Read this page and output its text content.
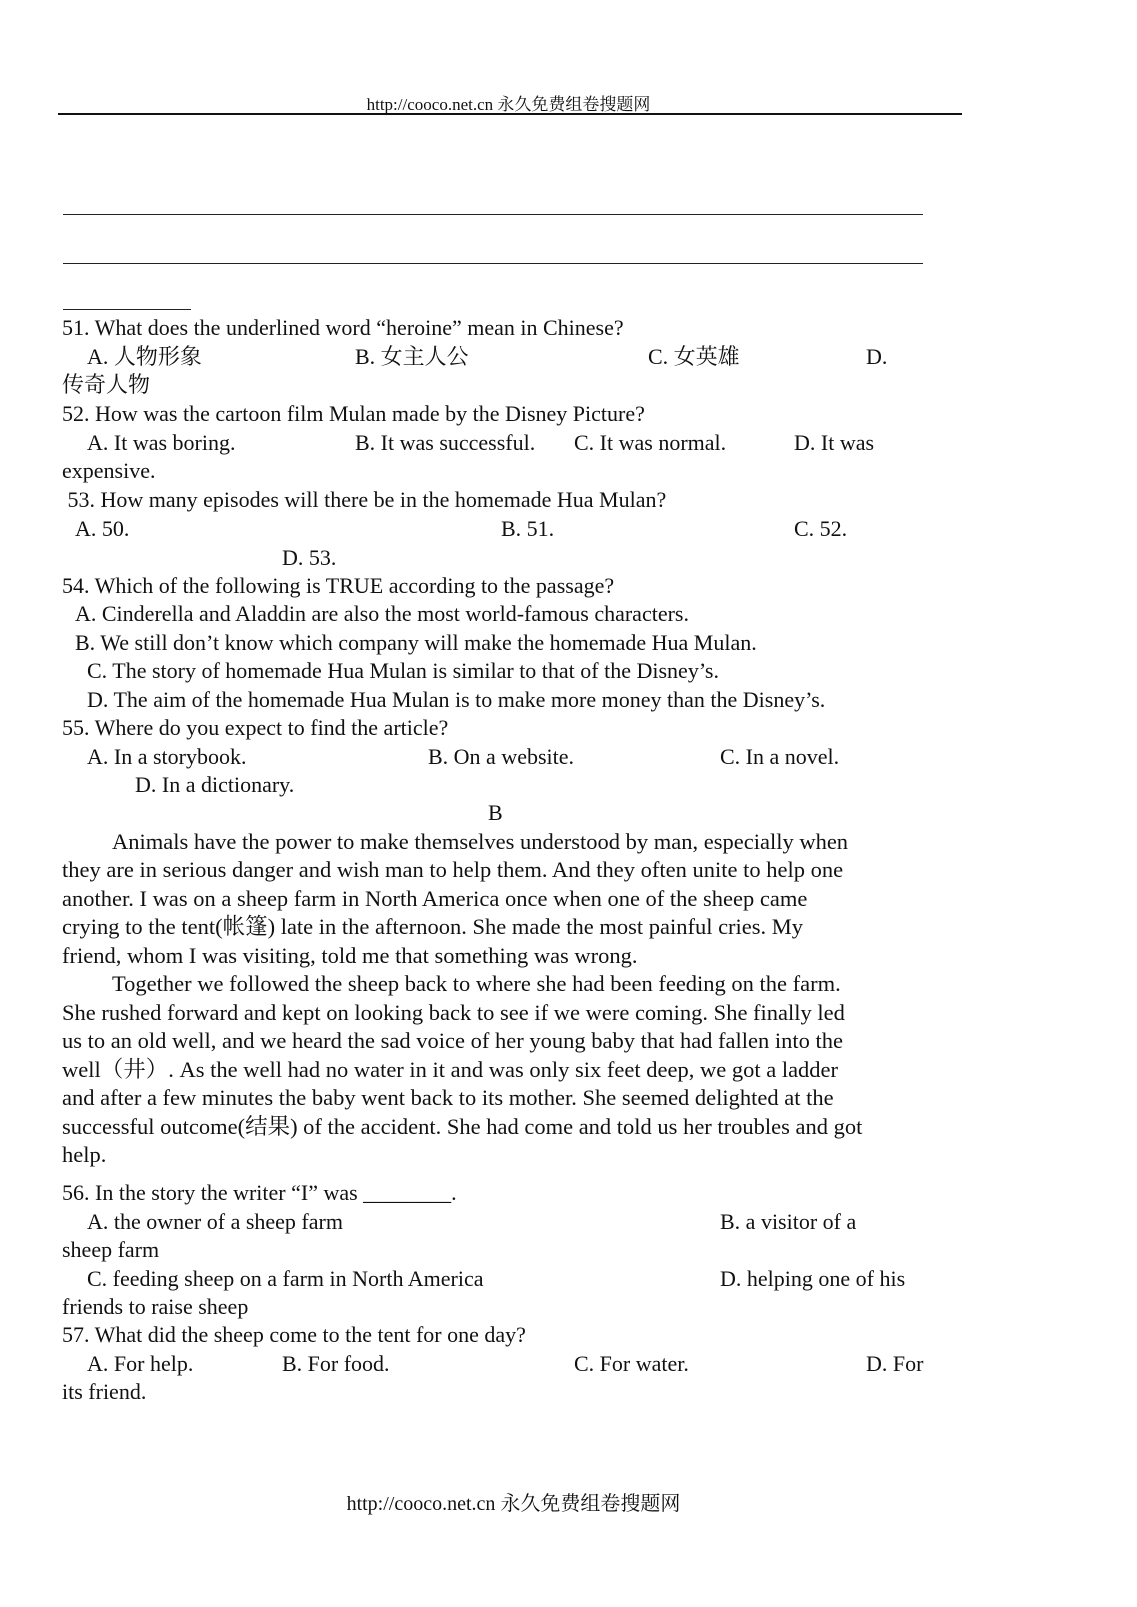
http://cooco.net.cn 永久免费组卷搜题网
51. What does the underlined word “heroine” mean in Chinese?
A. 人物形象	B. 女主人公	C. 女英雄	D.
传奇人物
52. How was the cartoon film Mulan made by the Disney Picture?
A. It was boring.	B. It was successful. C. It was normal.	D. It was
expensive.
53. How many episodes will there be in the homemade Hua Mulan?
A. 50.	B. 51.	C. 52.
D. 53.
54. Which of the following is TRUE according to the passage?
A. Cinderella and Aladdin are also the most world-famous characters.
B. We still don’t know which company will make the homemade Hua Mulan.
C. The story of homemade Hua Mulan is similar to that of the Disney’s.
D. The aim of the homemade Hua Mulan is to make more money than the Disney’s.
55. Where do you expect to find the article?
A. In a storybook.	B. On a website.	C. In a novel.
D. In a dictionary.
B
Animals have the power to make themselves understood by man, especially when
they are in serious danger and wish man to help them. And they often unite to help one
another. I was on a sheep farm in North America once when one of the sheep came
crying to the tent(帐篷) late in the afternoon. She made the most painful cries. My
friend, whom I was visiting, told me that something was wrong.
Together we followed the sheep back to where she had been feeding on the farm.
She rushed forward and kept on looking back to see if we were coming. She finally led
us to an old well, and we heard the sad voice of her young baby that had fallen into the
well（井）. As the well had no water in it and was only six feet deep, we got a ladder
and after a few minutes the baby went back to its mother. She seemed delighted at the
successful outcome(结果) of the accident. She had come and told us her troubles and got
help.
56. In the story the writer “I” was ________.
A. the owner of a sheep farm	B. a visitor of a
sheep farm
C. feeding sheep on a farm in North America	D. helping one of his
friends to raise sheep
57. What did the sheep come to the tent for one day?
A. For help.	B. For food.	C. For water.	D. For
its friend.
http://cooco.net.cn 永久免费组卷搜题网
